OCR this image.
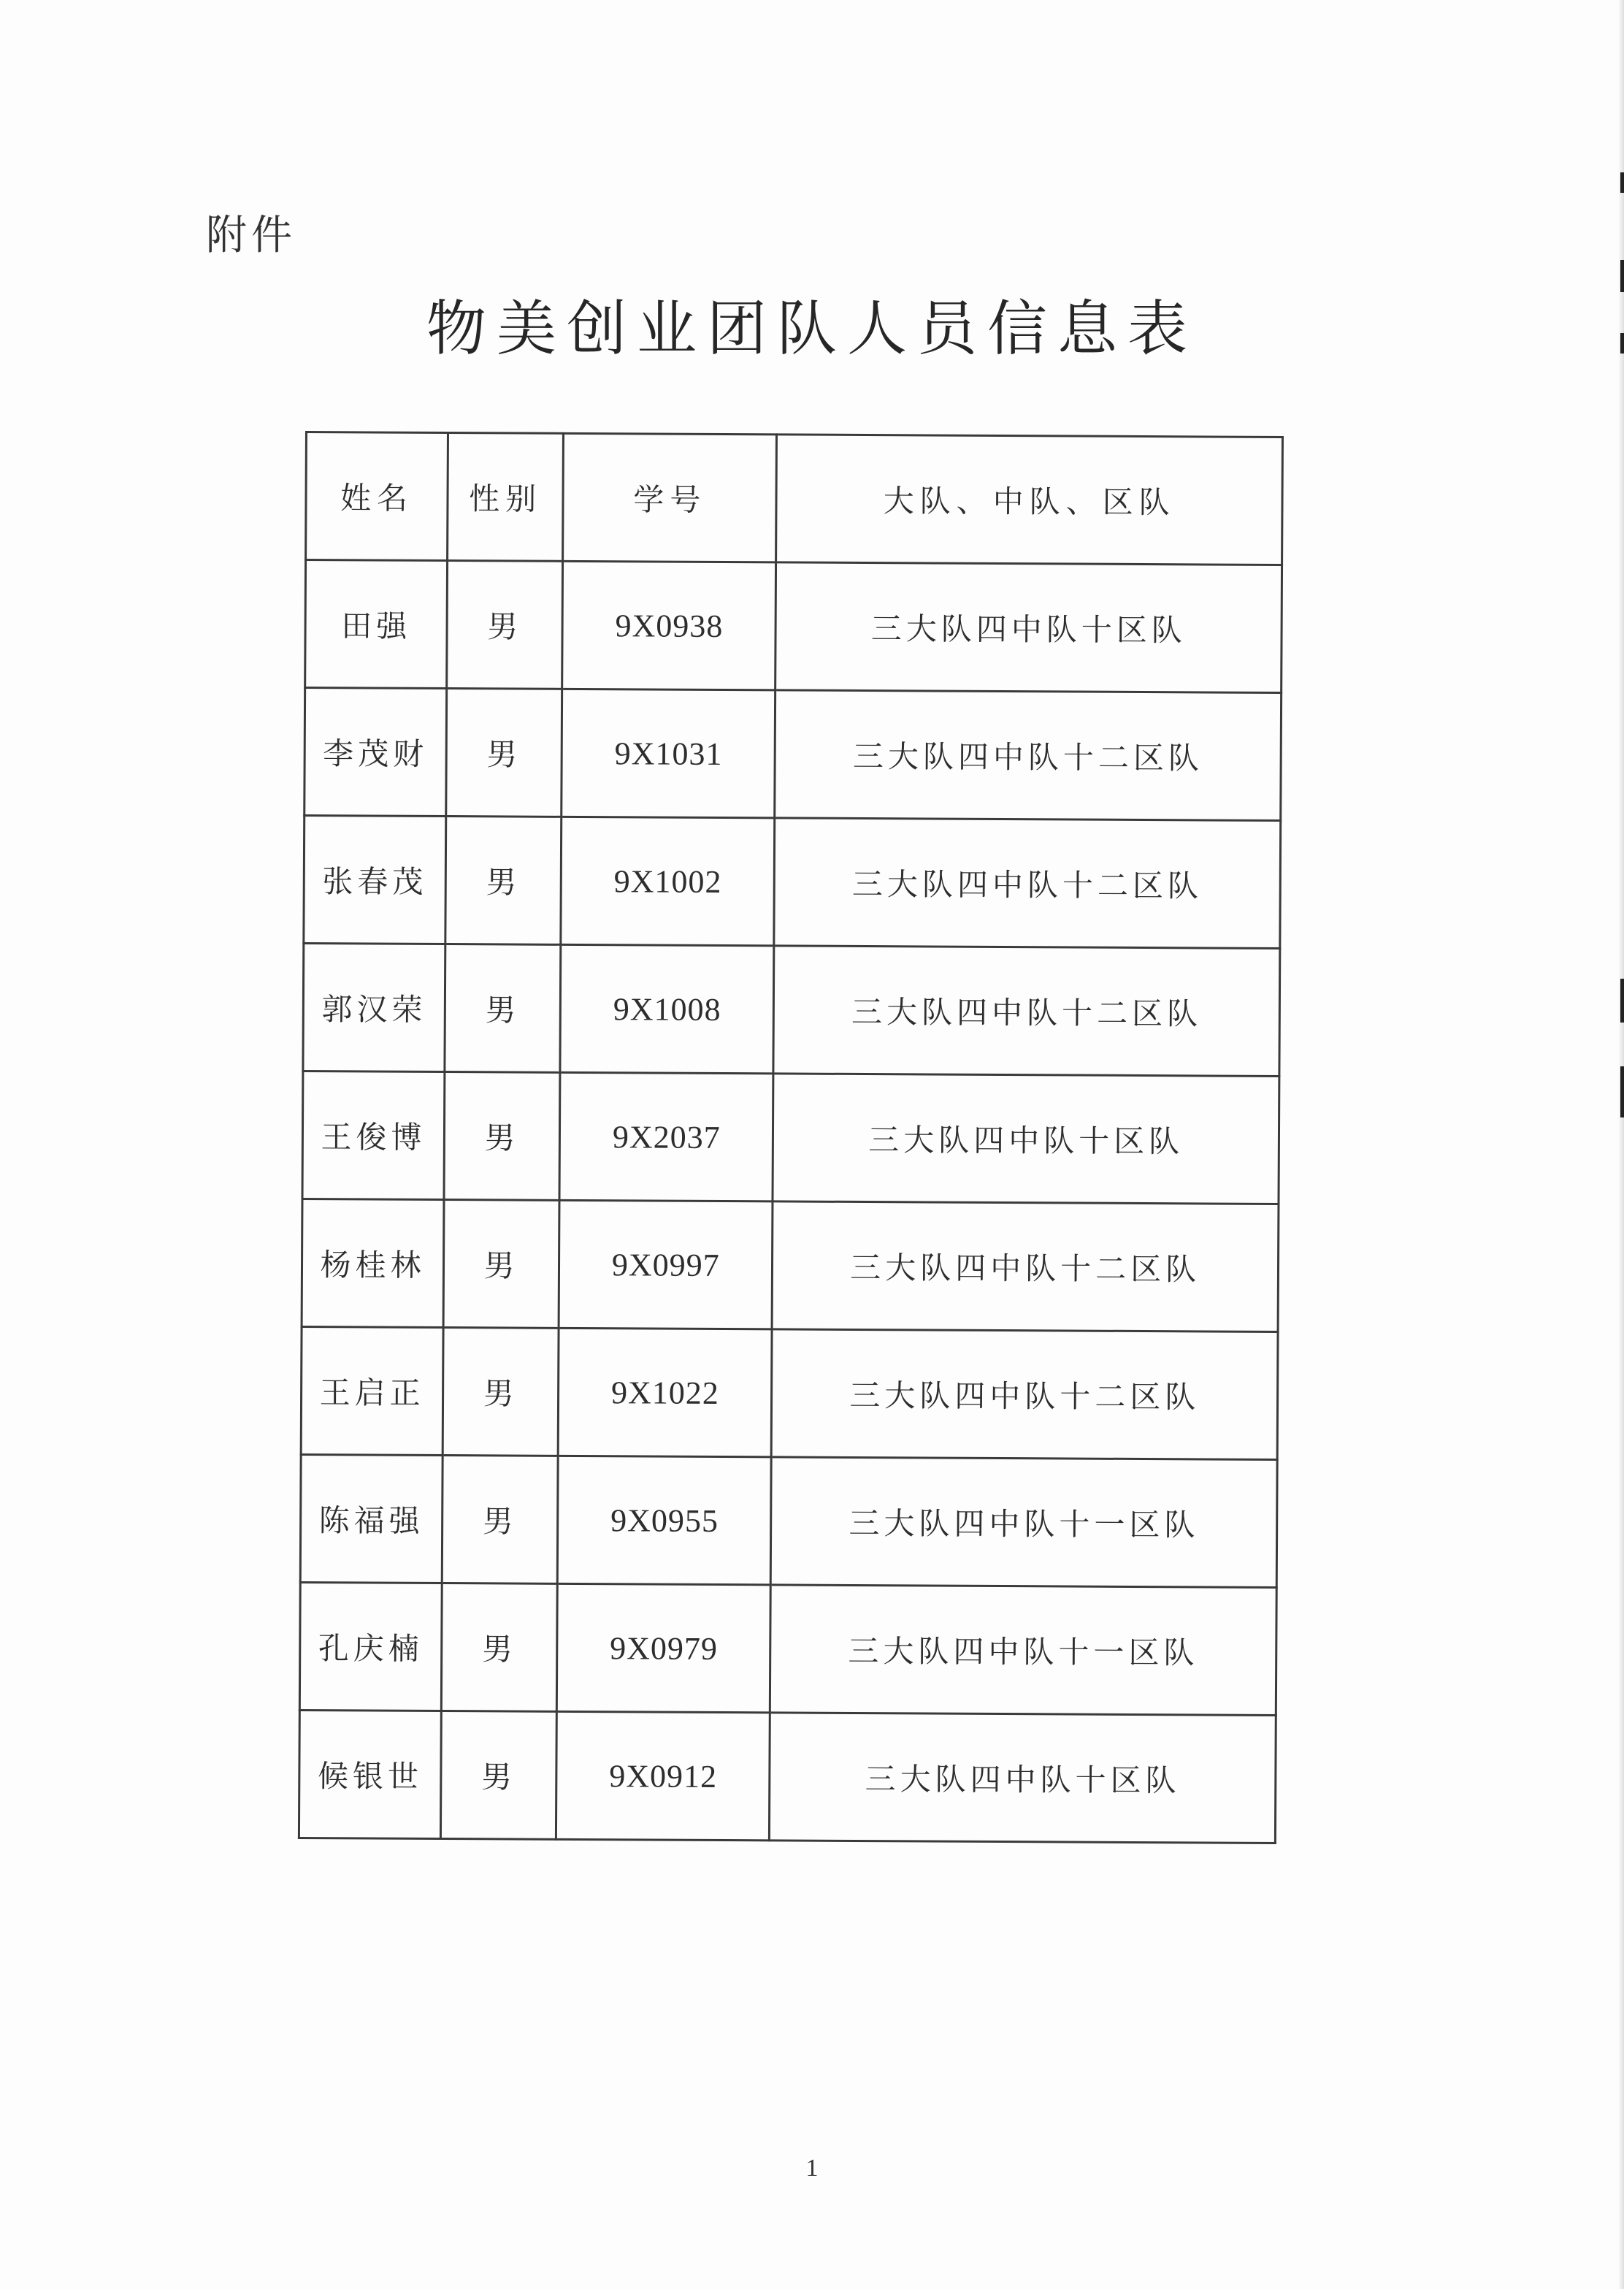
附件
物美创业团队人员信息表
姓名	性别	学号	大队、中队、区队
田强	男	9X0938	三大队四中队十区队
李茂财	男	9X1031	三大队四中队十二区队
张春茂	男	9X1002	三大队四中队十二区队
郭汉荣	男	9X1008	三大队四中队十二区队
王俊博	男	9X2037	三大队四中队十区队
杨桂林	男	9X0997	三大队四中队十二区队
王启正	男	9X1022	三大队四中队十二区队
陈福强	男	9X0955	三大队四中队十一区队
孔庆楠	男	9X0979	三大队四中队十一区队
候银世	男	9X0912	三大队四中队十区队
1
